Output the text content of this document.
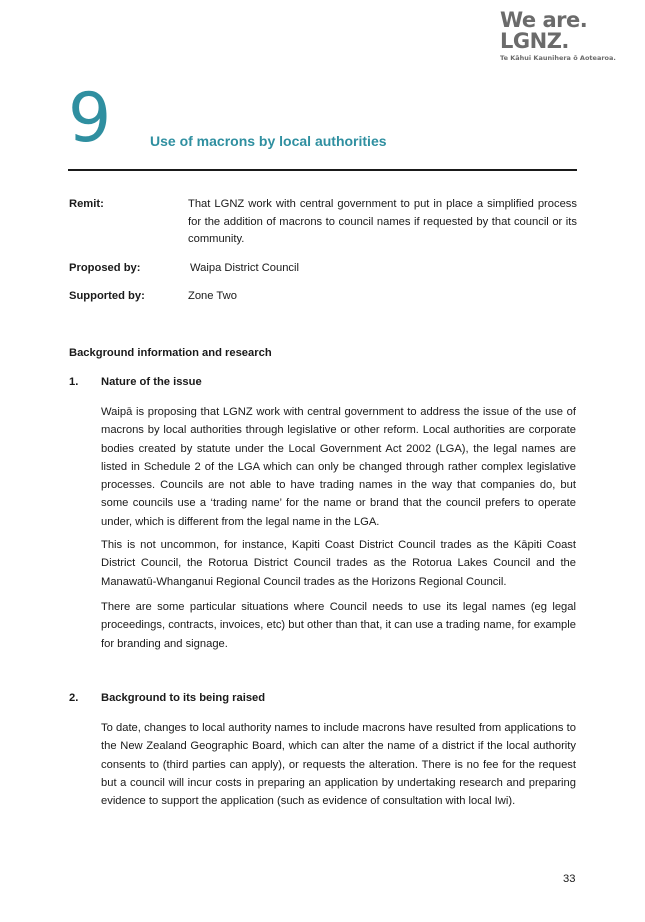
We are.
LGNZ.
Te Kāhui Kaunihera ō Aotearoa.
9	Use of macrons by local authorities
Remit:	That LGNZ work with central government to put in place a simplified process for the addition of macrons to council names if requested by that council or its community.
Proposed by:	Waipa District Council
Supported by:	Zone Two
Background information and research
1. Nature of the issue
Waipā is proposing that LGNZ work with central government to address the issue of the use of macrons by local authorities through legislative or other reform. Local authorities are corporate bodies created by statute under the Local Government Act 2002 (LGA), the legal names are listed in Schedule 2 of the LGA which can only be changed through rather complex legislative processes. Councils are not able to have trading names in the way that companies do, but some councils use a ‘trading name’ for the name or brand that the council prefers to operate under, which is different from the legal name in the LGA.
This is not uncommon, for instance, Kapiti Coast District Council trades as the Kāpiti Coast District Council, the Rotorua District Council trades as the Rotorua Lakes Council and the Manawatū-Whanganui Regional Council trades as the Horizons Regional Council.
There are some particular situations where Council needs to use its legal names (eg legal proceedings, contracts, invoices, etc) but other than that, it can use a trading name, for example for branding and signage.
2. Background to its being raised
To date, changes to local authority names to include macrons have resulted from applications to the New Zealand Geographic Board, which can alter the name of a district if the local authority consents to (third parties can apply), or requests the alteration. There is no fee for the request but a council will incur costs in preparing an application by undertaking research and preparing evidence to support the application (such as evidence of consultation with local Iwi).
33
